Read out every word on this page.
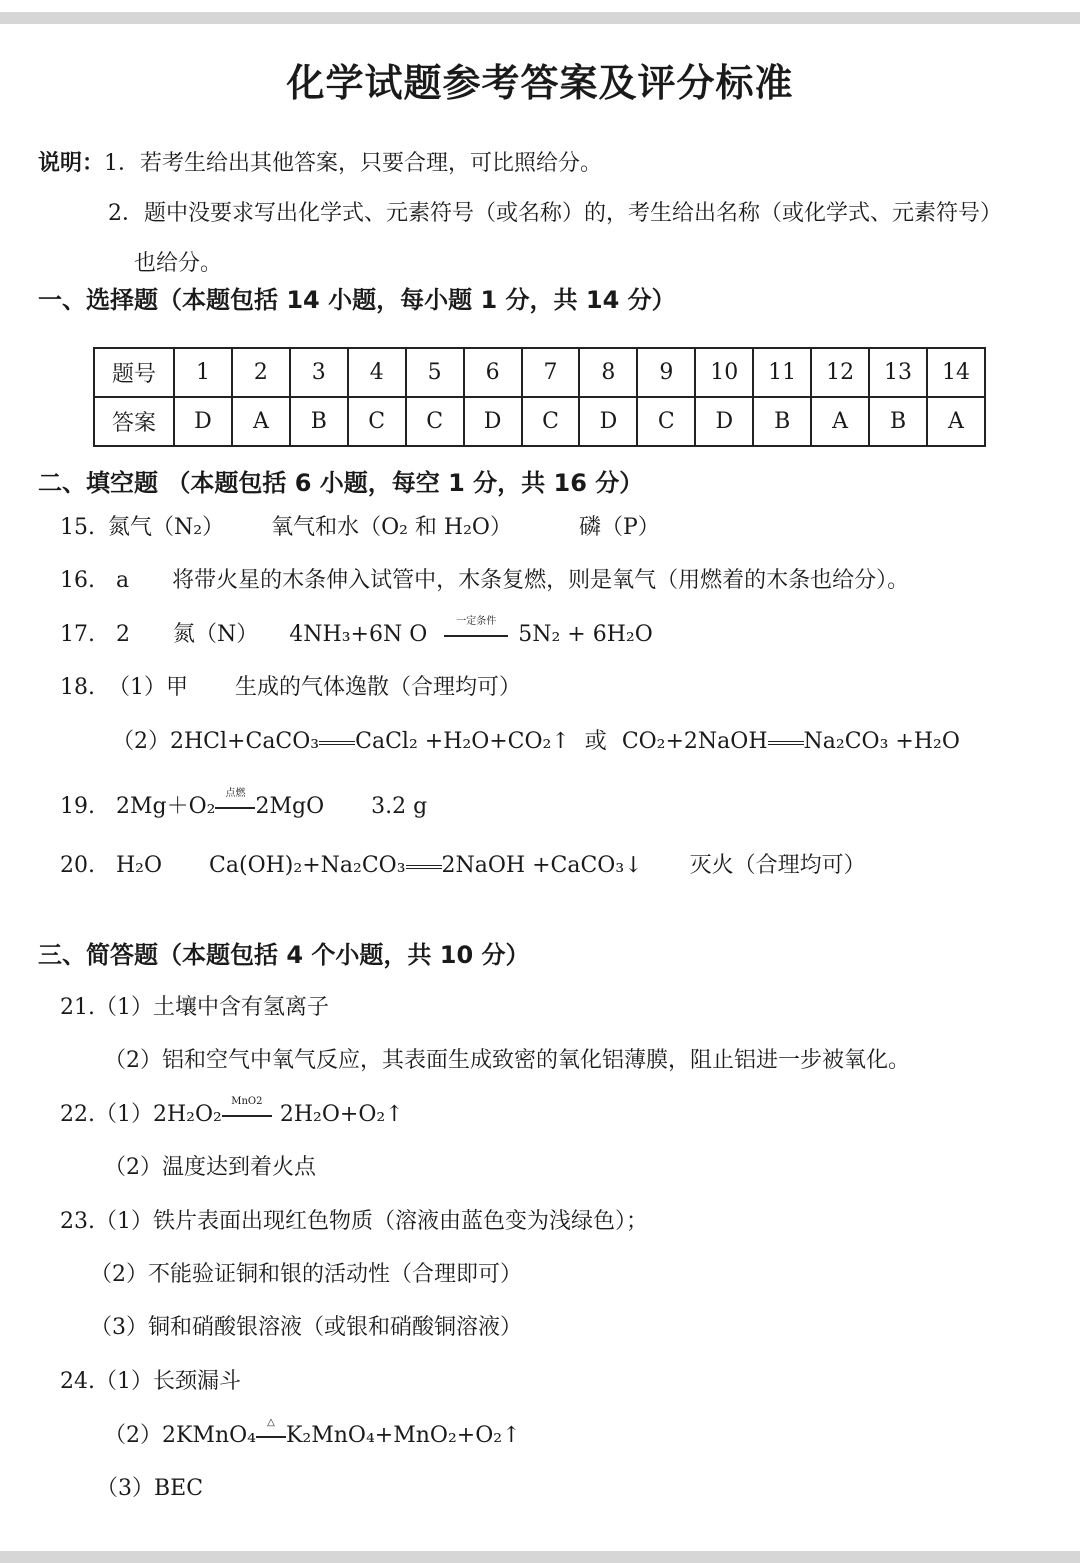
化学试题参考答案及评分标准
说明：1．若考生给出其他答案，只要合理，可比照给分。
2．题中没要求写出化学式、元素符号（或名称）的，考生给出名称（或化学式、元素符号）
也给分。
一、选择题（本题包括 14 小题，每小题 1 分，共 14 分）
题号	1	2	3	4	5	6	7	8	9	10	11	12	13	14
答案	D	A	B	C	C	D	C	D	C	D	B	A	B	A
二、填空题 （本题包括 6 小题，每空 1 分，共 16 分）
15. 氮气（N₂） 氧气和水（O₂ 和 H₂O）	磷（P）
16. a 将带火星的木条伸入试管中，木条复燃，则是氧气（用燃着的木条也给分）。
17. 2 氮（N） 4NH₃+6N O
一定条件
5N₂ + 6H₂O
18. （1）甲 生成的气体逸散（合理均可）
（2）2HCl+CaCO₃ CaCl₂ +H₂O+CO₂↑ 或 CO₂+2NaOH Na₂CO₃ +H₂O
19. 2Mg＋O₂
点燃
2MgO 3.2 g
20. H₂O Ca(OH)₂+Na₂CO₃ 2NaOH +CaCO₃↓ 灭火（合理均可）
三、简答题（本题包括 4 个小题，共 10 分）
21.（1）土壤中含有氢离子
（2）铝和空气中氧气反应，其表面生成致密的氧化铝薄膜，阻止铝进一步被氧化。
22.（1）2H₂O₂
MnO2
2H₂O+O₂↑
（2）温度达到着火点
23.（1）铁片表面出现红色物质（溶液由蓝色变为浅绿色）；
（2）不能验证铜和银的活动性（合理即可）
（3）铜和硝酸银溶液（或银和硝酸铜溶液）
24.（1）长颈漏斗
（2）2KMnO₄
△
K₂MnO₄+MnO₂+O₂↑
（3）BEC
